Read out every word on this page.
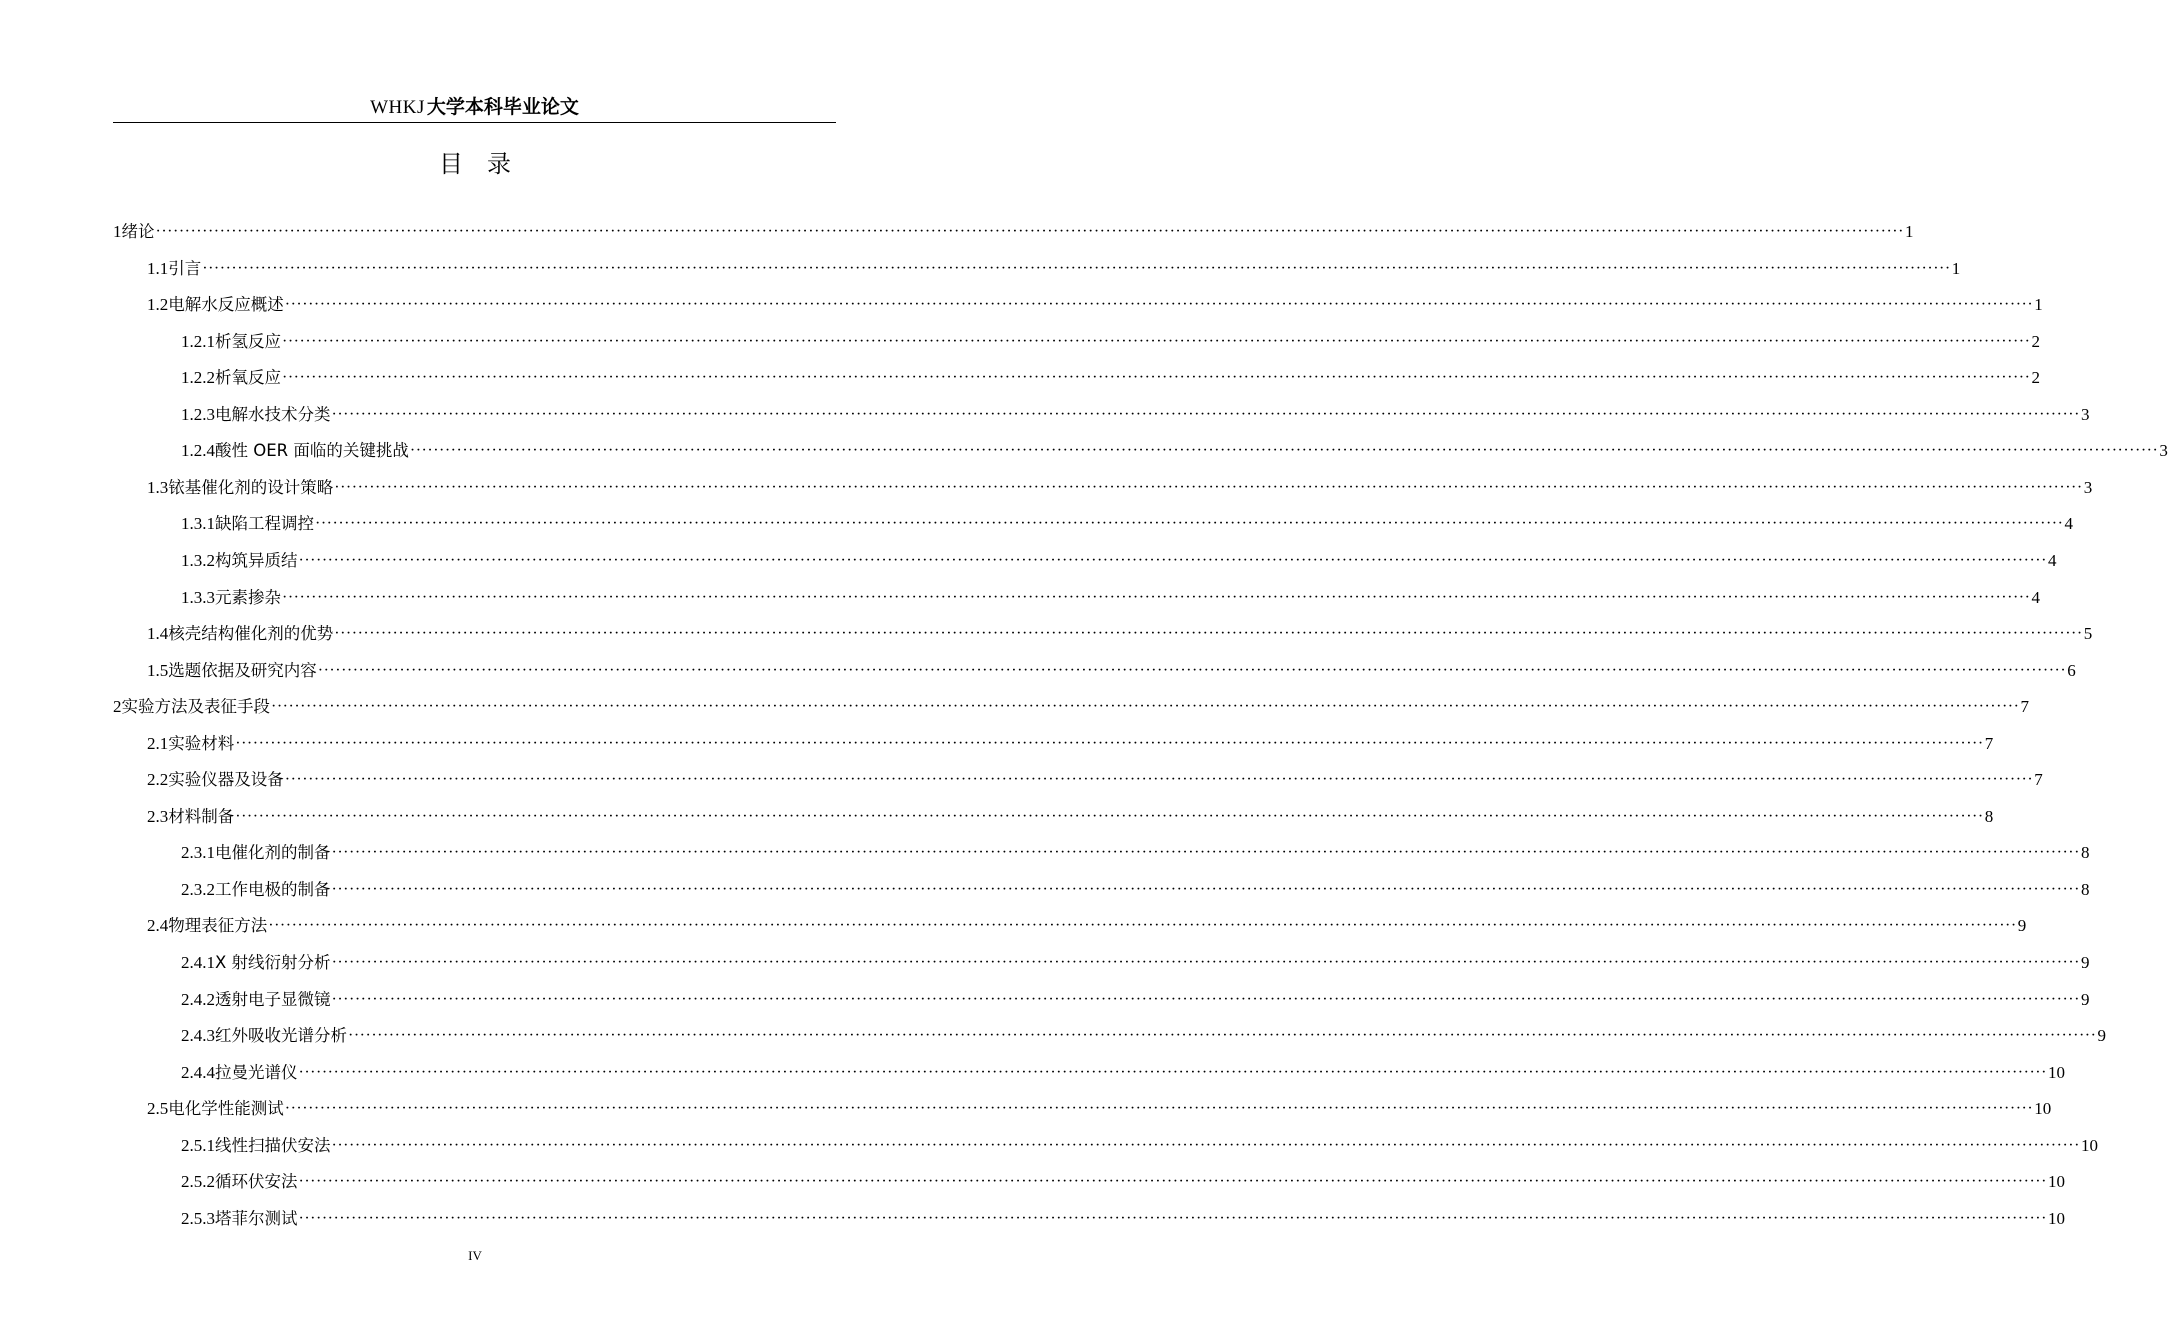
WHKJ 大学本科毕业论文
目　录
1 绪论 ············································································································································································································································································································ 1
1.1 引言 ············································································································································································································································································································ 1
1.2 电解水反应概述 ············································································································································································································································································································ 1
1.2.1 析氢反应 ············································································································································································································································································································ 2
1.2.2 析氧反应 ············································································································································································································································································································ 2
1.2.3 电解水技术分类 ············································································································································································································································································································ 3
1.2.4 酸性 OER 面临的关键挑战 ············································································································································································································································································································ 3
1.3 铱基催化剂的设计策略 ············································································································································································································································································································ 3
1.3.1 缺陷工程调控 ············································································································································································································································································································ 4
1.3.2 构筑异质结 ············································································································································································································································································································ 4
1.3.3 元素掺杂 ············································································································································································································································································································ 4
1.4 核壳结构催化剂的优势 ············································································································································································································································································································ 5
1.5 选题依据及研究内容 ············································································································································································································································································································ 6
2 实验方法及表征手段 ············································································································································································································································································································ 7
2.1 实验材料 ············································································································································································································································································································ 7
2.2 实验仪器及设备 ············································································································································································································································································································ 7
2.3 材料制备 ············································································································································································································································································································ 8
2.3.1 电催化剂的制备 ············································································································································································································································································································ 8
2.3.2 工作电极的制备 ············································································································································································································································································································ 8
2.4 物理表征方法 ············································································································································································································································································································ 9
2.4.1 X 射线衍射分析 ············································································································································································································································································································ 9
2.4.2 透射电子显微镜 ············································································································································································································································································································ 9
2.4.3 红外吸收光谱分析 ············································································································································································································································································································ 9
2.4.4 拉曼光谱仪 ············································································································································································································································································································ 10
2.5 电化学性能测试 ············································································································································································································································································································ 10
2.5.1 线性扫描伏安法 ············································································································································································································································································································ 10
2.5.2 循环伏安法 ············································································································································································································································································································ 10
2.5.3 塔菲尔测试 ············································································································································································································································································································ 10
IV
